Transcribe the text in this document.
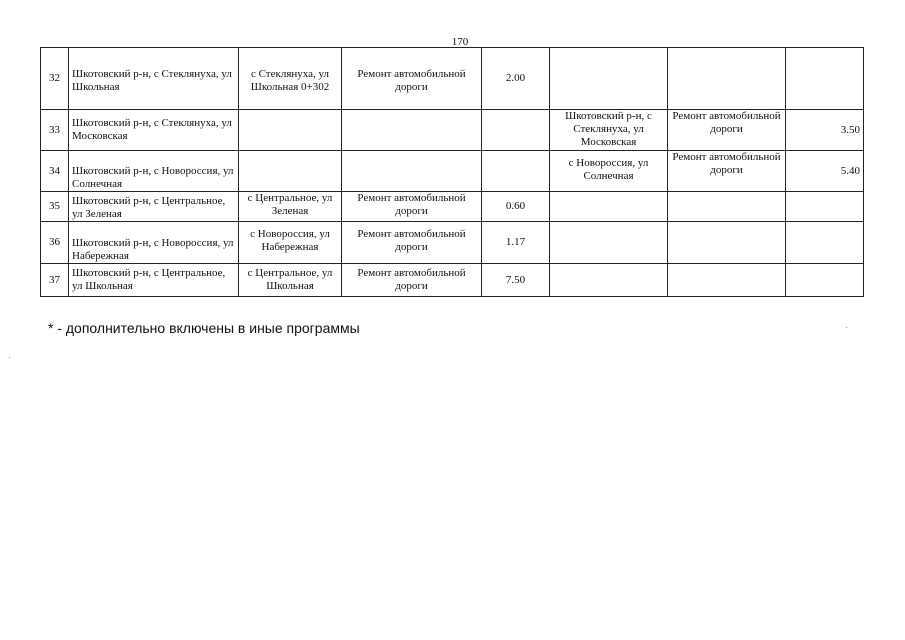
170
32	Шкотовский р-н, с Стеклянуха, ул Школьная	с Стеклянуха, ул Школьная 0+302	Ремонт автомобильной дороги	2.00			
33	Шкотовский р-н, с Стеклянуха, ул Московская				Шкотовский р-н, с Стеклянуха, ул Московская	Ремонт автомобильной дороги	3.50
34	Шкотовский р-н, с Новороссия, ул Солнечная				с Новороссия, ул Солнечная	Ремонт автомобильной дороги	5.40
35	Шкотовский р-н, с Центральное, ул Зеленая	с Центральное, ул Зеленая	Ремонт автомобильной дороги	0.60			
36	Шкотовский р-н, с Новороссия, ул Набережная	с Новороссия, ул Набережная	Ремонт автомобильной дороги	1.17			
37	Шкотовский р-н, с Центральное, ул Школьная	с Центральное, ул Школьная	Ремонт автомобильной дороги	7.50			
* - дополнительно включены в иные программы
